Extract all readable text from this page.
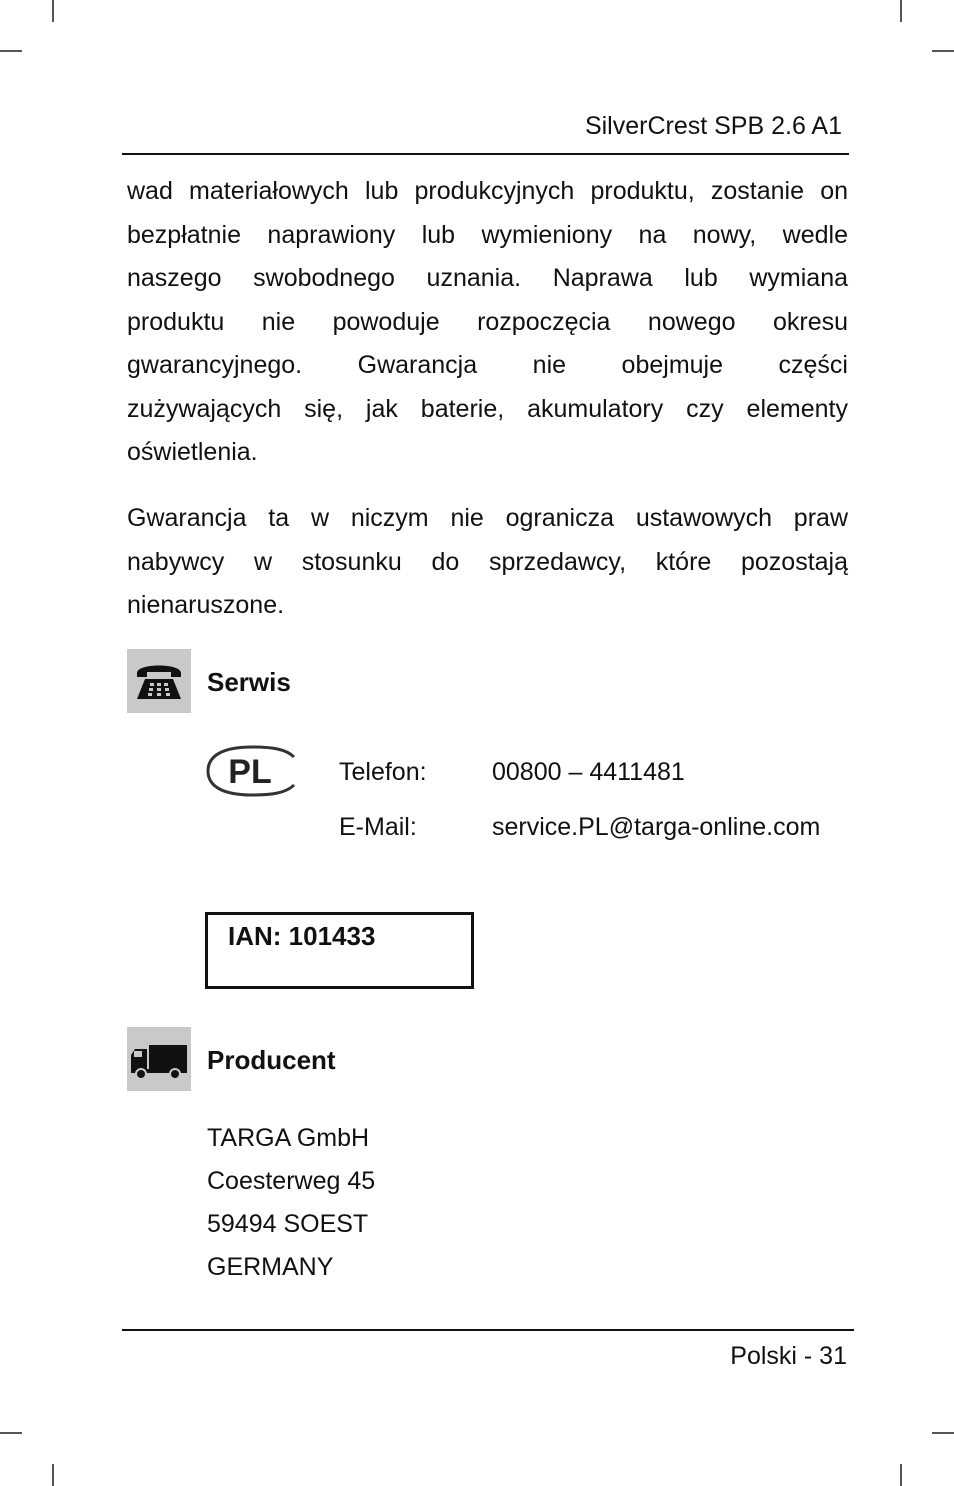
SilverCrest SPB 2.6 A1

wad materiałowych lub produkcyjnych produktu, zostanie on
bezpłatnie naprawiony lub wymieniony na nowy, wedle
naszego swobodnego uznania. Naprawa lub wymiana
produktu nie powoduje rozpoczęcia nowego okresu
gwarancyjnego. Gwarancja nie obejmuje części
zużywających się, jak baterie, akumulatory czy elementy
oświetlenia.

Gwarancja ta w niczym nie ogranicza ustawowych praw
nabywcy w stosunku do sprzedawcy, które pozostają
nienaruszone.

Serwis
PL	Telefon:	00800 – 4411481
E-Mail:	service.PL@targa-online.com
IAN: 101433
Producent
TARGA GmbH
Coesterweg 45
59494 SOEST
GERMANY
Polski - 31
